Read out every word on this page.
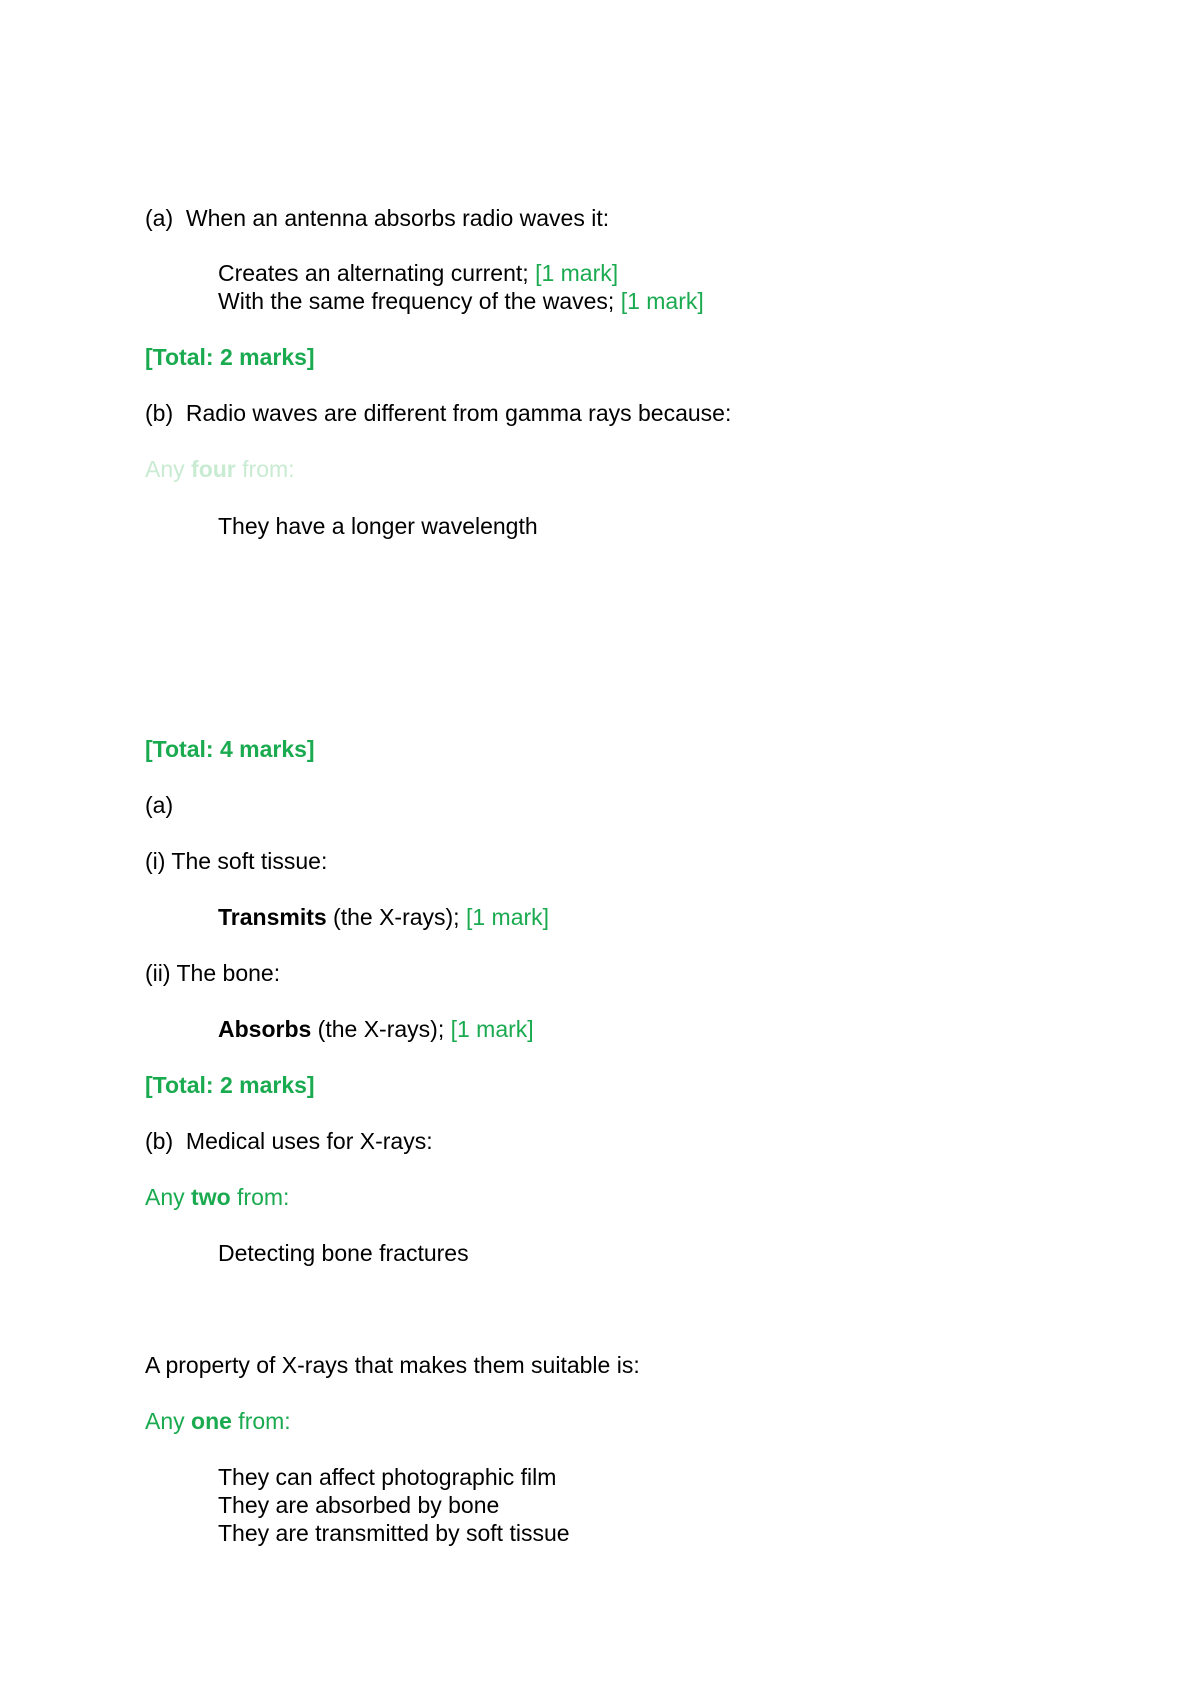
(a) When an antenna absorbs radio waves it:
Creates an alternating current; [1 mark]
With the same frequency of the waves; [1 mark]
[Total: 2 marks]
(b) Radio waves are different from gamma rays because:
Any four from:
They have a longer wavelength
[Total: 4 marks]
(a)
(i) The soft tissue:
Transmits (the X-rays); [1 mark]
(ii) The bone:
Absorbs (the X-rays); [1 mark]
[Total: 2 marks]
(b) Medical uses for X-rays:
Any two from:
Detecting bone fractures
A property of X-rays that makes them suitable is:
Any one from:
They can affect photographic film
They are absorbed by bone
They are transmitted by soft tissue
